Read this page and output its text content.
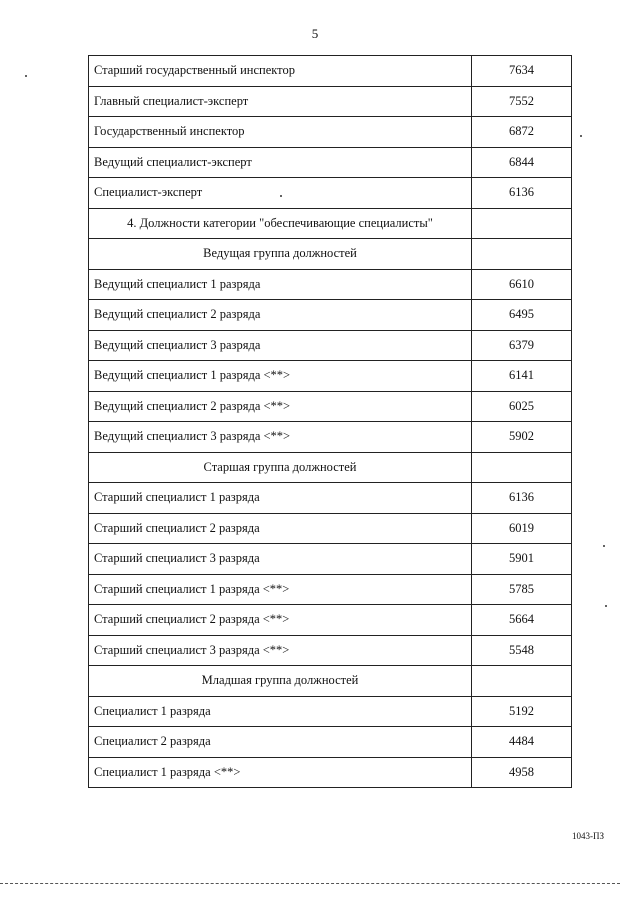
5
Старший государственный инспектор	7634
Главный специалист-эксперт	7552
Государственный инспектор	6872
Ведущий специалист-эксперт	6844
Специалист-эксперт	6136
4. Должности категории "обеспечивающие специалисты"	
Ведущая группа должностей	
Ведущий специалист 1 разряда	6610
Ведущий специалист 2 разряда	6495
Ведущий специалист 3 разряда	6379
Ведущий специалист 1 разряда <**>	6141
Ведущий специалист 2 разряда <**>	6025
Ведущий специалист 3 разряда <**>	5902
Старшая группа должностей	
Старший специалист 1 разряда	6136
Старший специалист 2 разряда	6019
Старший специалист 3 разряда	5901
Старший специалист 1 разряда <**>	5785
Старший специалист 2 разряда <**>	5664
Старший специалист 3 разряда <**>	5548
Младшая группа должностей	
Специалист 1 разряда	5192
Специалист 2 разряда	4484
Специалист 1 разряда <**>	4958
1043-ПЗ
